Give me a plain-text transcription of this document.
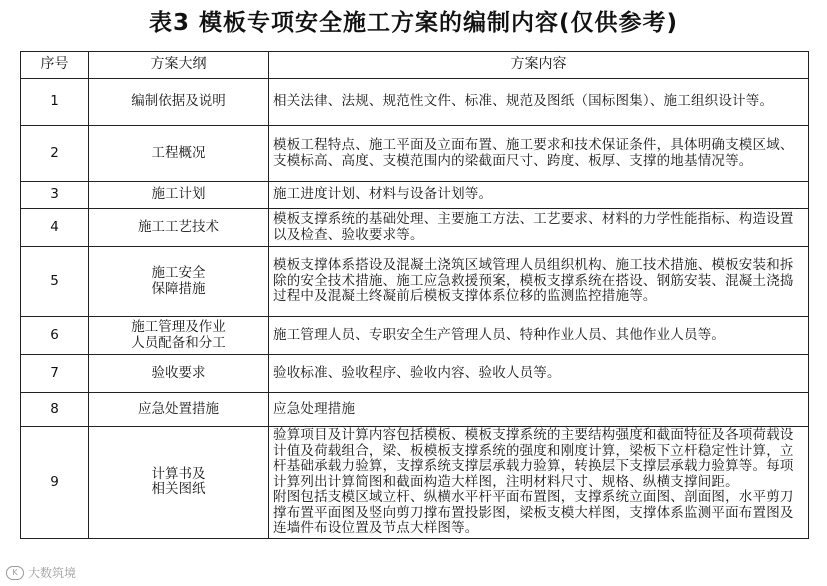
表3 模板专项安全施工方案的编制内容(仅供参考)
序号	方案大纲	方案内容
1	编制依据及说明	相关法律、法规、规范性文件、标准、规范及图纸（国标图集）、施工组织设计等。
2	工程概况	模板工程特点、施工平面及立面布置、施工要求和技术保证条件，具体明确支模区域、支模标高、高度、支模范围内的梁截面尺寸、跨度、板厚、支撑的地基情况等。
3	施工计划	施工进度计划、材料与设备计划等。
4	施工工艺技术	模板支撑系统的基础处理、主要施工方法、工艺要求、材料的力学性能指标、构造设置以及检查、验收要求等。
5	施工安全
保障措施	模板支撑体系搭设及混凝土浇筑区域管理人员组织机构、施工技术措施、模板安装和拆除的安全技术措施、施工应急救援预案，模板支撑系统在搭设、钢筋安装、混凝土浇捣过程中及混凝土终凝前后模板支撑体系位移的监测监控措施等。
6	施工管理及作业
人员配备和分工	施工管理人员、专职安全生产管理人员、特种作业人员、其他作业人员等。
7	验收要求	验收标准、验收程序、验收内容、验收人员等。
8	应急处置措施	应急处理措施
9	计算书及
相关图纸	验算项目及计算内容包括模板、模板支撑系统的主要结构强度和截面特征及各项荷载设计值及荷载组合，梁、板模板支撑系统的强度和刚度计算，梁板下立杆稳定性计算，立杆基础承载力验算，支撑系统支撑层承载力验算，转换层下支撑层承载力验算等。每项计算列出计算简图和截面构造大样图，注明材料尺寸、规格、纵横支撑间距。
附图包括支模区域立杆、纵横水平杆平面布置图，支撑系统立面图、剖面图，水平剪刀撑布置平面图及竖向剪刀撑布置投影图，梁板支模大样图，支撑体系监测平面布置图及连墙件布设位置及节点大样图等。
K 大数筑境
